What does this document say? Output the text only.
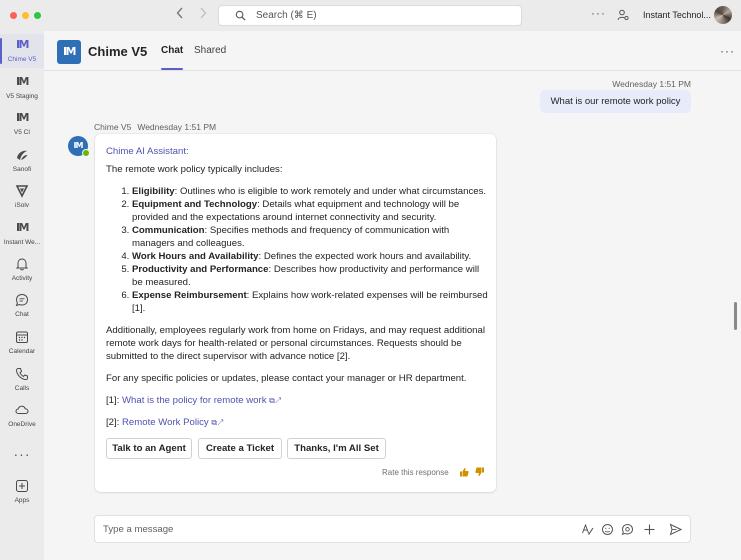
Search (⌘ E)	···	Instant Technol...
IM
Chime V5
IM
V5 Staging
IM
V5 CI
Sanofi
iSolv
IM
Instant We...
Activity
Chat
Calendar
Calls
OneDrive
···
Apps
IM Chime V5 Chat Shared	···
Wednesday 1:51 PM
What is our remote work policy
IM
Chime V5 Wednesday 1:51 PM
Chime AI Assistant:
The remote work policy typically includes:
1. Eligibility: Outlines who is eligible to work remotely and under what circumstances.
2. Equipment and Technology: Details what equipment and technology will be provided and the expectations around internet connectivity and security.
3. Communication: Specifies methods and frequency of communication with managers and colleagues.
4. Work Hours and Availability: Defines the expected work hours and availability.
5. Productivity and Performance: Describes how productivity and performance will be measured.
6. Expense Reimbursement: Explains how work-related expenses will be reimbursed [1].
Additionally, employees regularly work from home on Fridays, and may request additional remote work days for health-related or personal circumstances. Requests should be submitted to the direct supervisor with advance notice [2].
For any specific policies or updates, please contact your manager or HR department.
[1]: What is the policy for remote work ⧉↗
[2]: Remote Work Policy ⧉↗
Talk to an Agent	Create a Ticket	Thanks, I'm All Set
Rate this response
Type a message
